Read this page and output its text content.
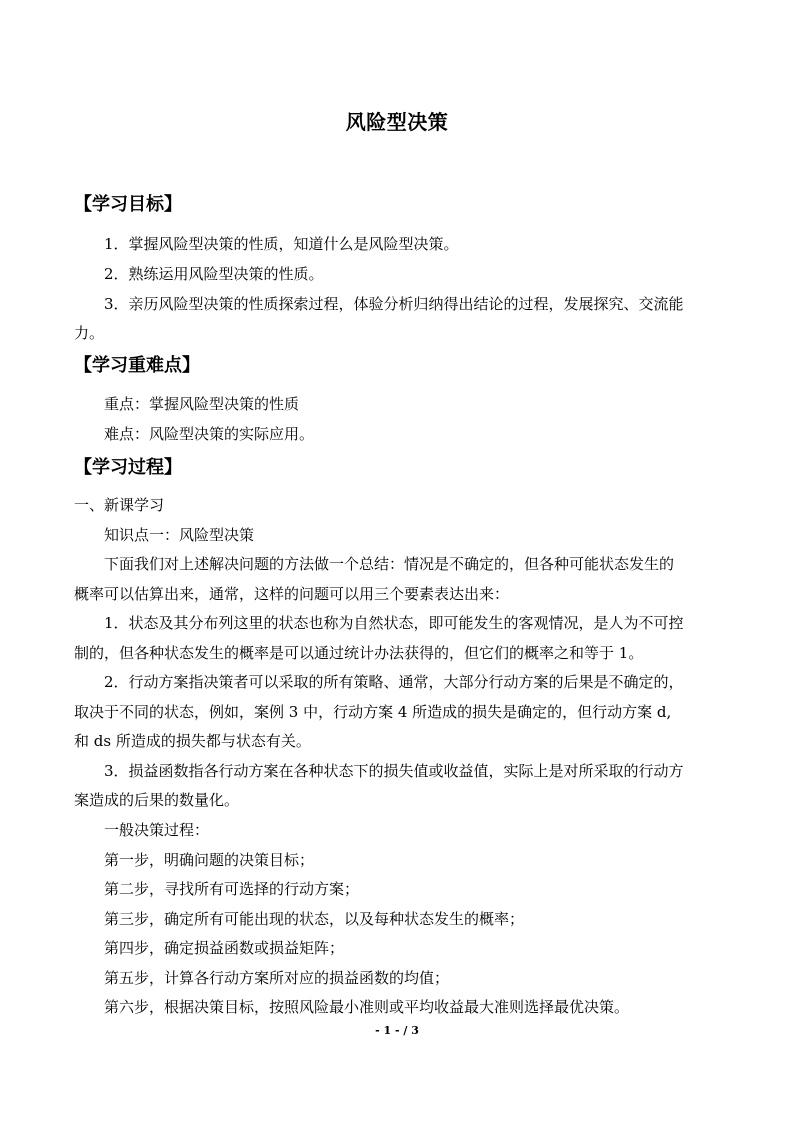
风险型决策
【学习目标】
1．掌握风险型决策的性质，知道什么是风险型决策。
2．熟练运用风险型决策的性质。
3．亲历风险型决策的性质探索过程，体验分析归纳得出结论的过程，发展探究、交流能
力。
【学习重难点】
重点：掌握风险型决策的性质
难点：风险型决策的实际应用。
【学习过程】
一、新课学习
知识点一：风险型决策
下面我们对上述解决问题的方法做一个总结：情况是不确定的，但各种可能状态发生的
概率可以估算出来，通常，这样的问题可以用三个要素表达出来：
1．状态及其分布列这里的状态也称为自然状态，即可能发生的客观情况，是人为不可控
制的，但各种状态发生的概率是可以通过统计办法获得的，但它们的概率之和等于 1。
2．行动方案指决策者可以采取的所有策略、通常，大部分行动方案的后果是不确定的，
取决于不同的状态，例如，案例 3 中，行动方案 4 所造成的损失是确定的，但行动方案 d,
和 ds 所造成的损失都与状态有关。
3．损益函数指各行动方案在各种状态下的损失值或收益值，实际上是对所采取的行动方
案造成的后果的数量化。
一般决策过程：
第一步，明确问题的决策目标；
第二步，寻找所有可选择的行动方案；
第三步，确定所有可能出现的状态，以及每种状态发生的概率；
第四步，确定损益函数或损益矩阵；
第五步，计算各行动方案所对应的损益函数的均值；
第六步，根据决策目标，按照风险最小准则或平均收益最大准则选择最优决策。
- 1 - / 3
